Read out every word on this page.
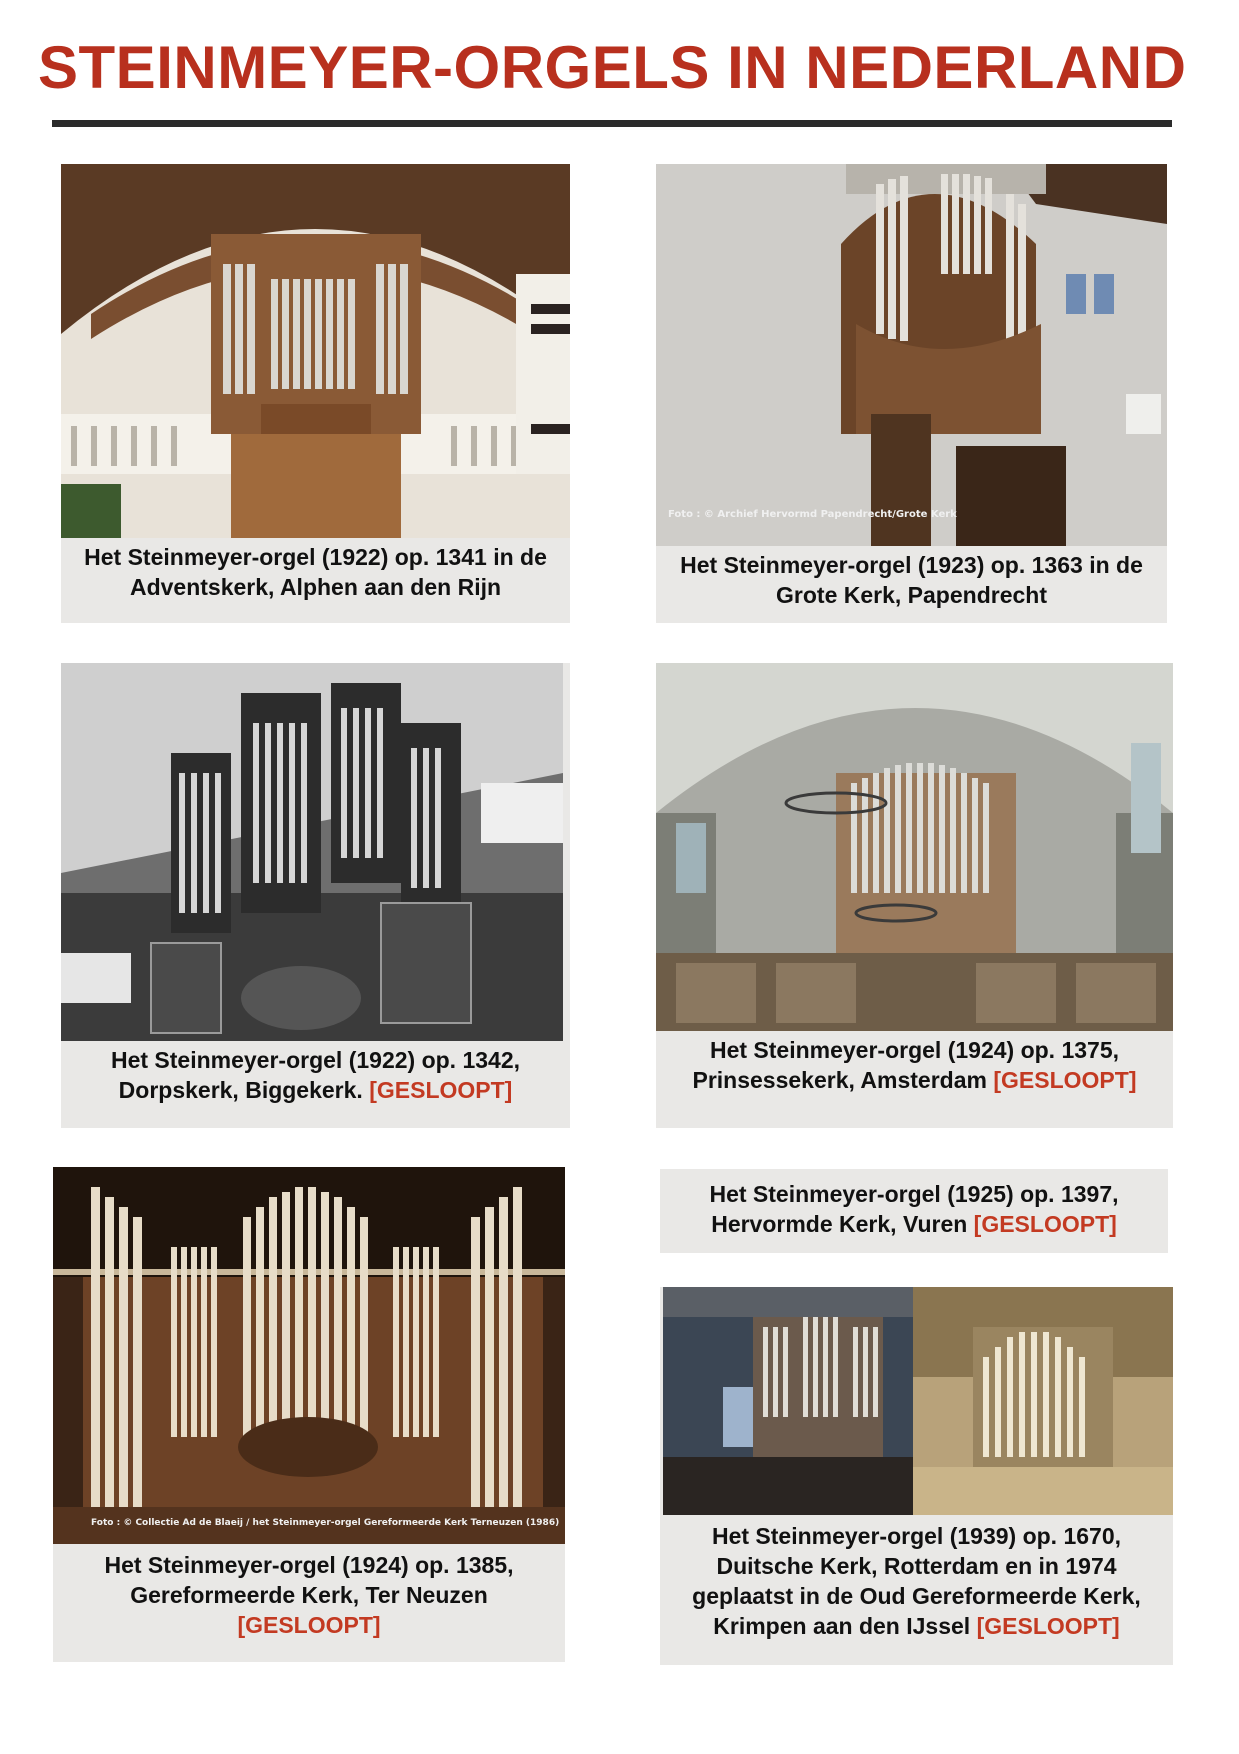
STEINMEYER-ORGELS IN NEDERLAND
Het Steinmeyer-orgel (1922) op. 1341 in de
Adventskerk, Alphen aan den Rijn
Foto : © Archief Hervormd Papendrecht/Grote Kerk
Het Steinmeyer-orgel (1923) op. 1363 in de
Grote Kerk, Papendrecht
Het Steinmeyer-orgel (1922) op. 1342,
Dorpskerk, Biggekerk. [GESLOOPT]
Het Steinmeyer-orgel (1924) op. 1375,
Prinsessekerk, Amsterdam [GESLOOPT]
Foto : © Collectie Ad de Blaeij / het Steinmeyer-orgel Gereformeerde Kerk Terneuzen (1986)
Het Steinmeyer-orgel (1924) op. 1385,
Gereformeerde Kerk, Ter Neuzen
[GESLOOPT]
Het Steinmeyer-orgel (1925) op. 1397,
Hervormde Kerk, Vuren [GESLOOPT]
Het Steinmeyer-orgel (1939) op. 1670,
Duitsche Kerk, Rotterdam en in 1974
geplaatst in de Oud Gereformeerde Kerk,
Krimpen aan den IJssel [GESLOOPT]
